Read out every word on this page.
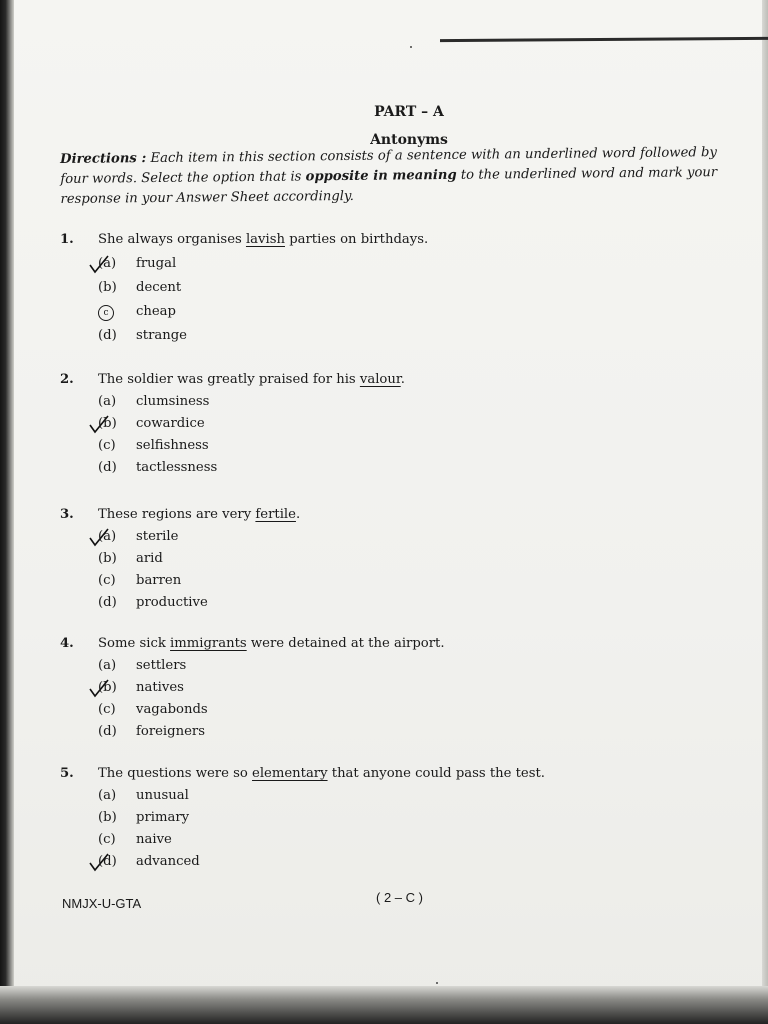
PART – A
Antonyms
Directions : Each item in this section consists of a sentence with an underlined word followed by four words. Select the option that is opposite in meaning to the underlined word and mark your response in your Answer Sheet accordingly.
1. She always organises lavish parties on birthdays.
(a) frugal
(b) decent
c	cheap
(d) strange
2. The soldier was greatly praised for his valour.
(a) clumsiness
(b) cowardice
(c) selfishness
(d) tactlessness
3. These regions are very fertile.
(a) sterile
(b) arid
(c) barren
(d) productive
4. Some sick immigrants were detained at the airport.
(a) settlers
(b) natives
(c) vagabonds
(d) foreigners
5. The questions were so elementary that anyone could pass the test.
(a) unusual
(b) primary
(c) naive
(d) advanced
NMJX-U-GTA	( 2 – C )
